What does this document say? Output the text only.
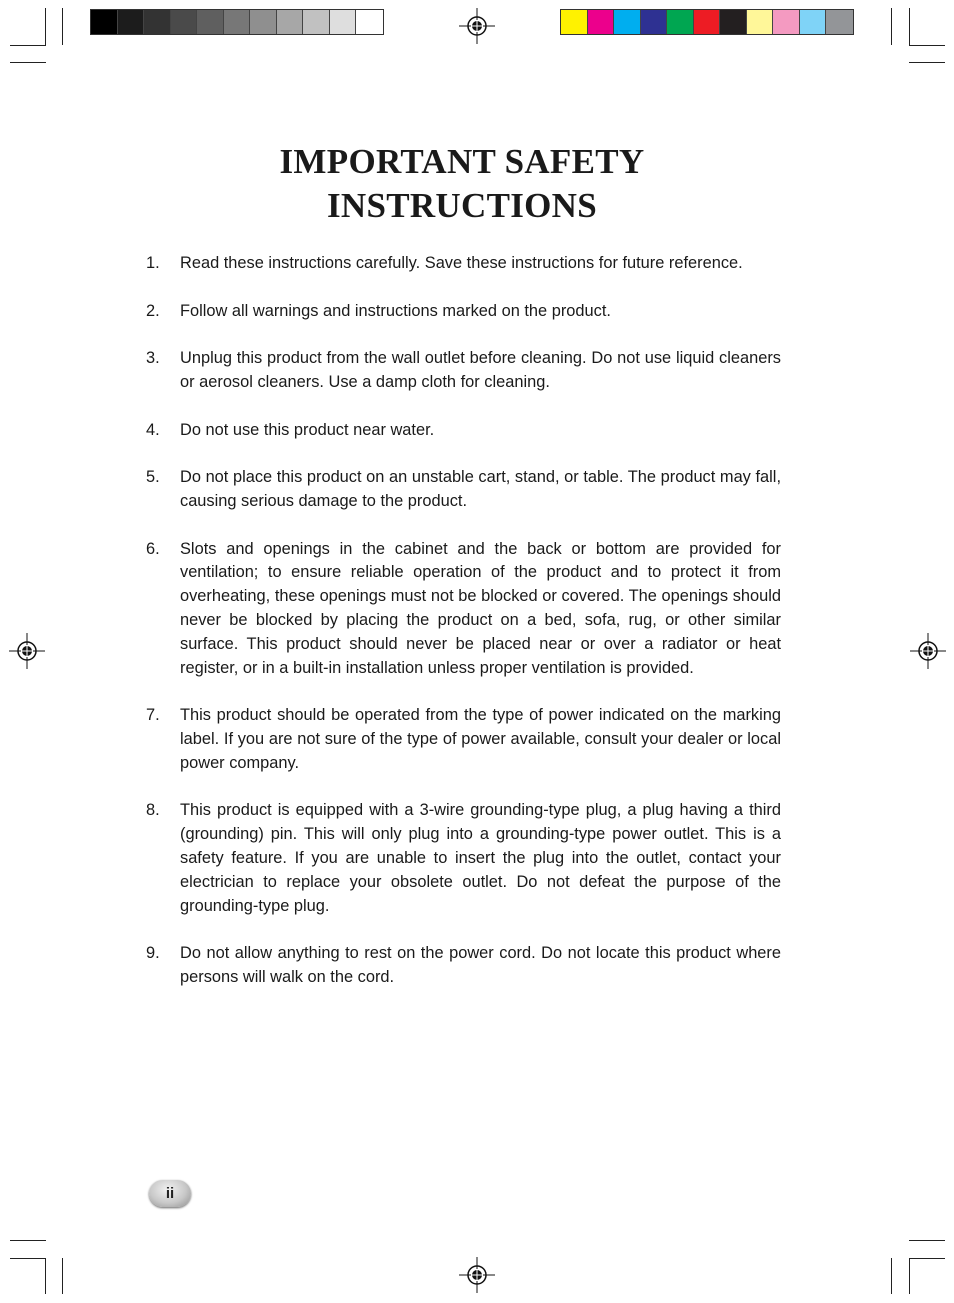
IMPORTANT SAFETY
INSTRUCTIONS
1.	Read these instructions carefully. Save these instructions for future reference.
2.	Follow all warnings and instructions marked on the product.
3.	Unplug this product from the wall outlet before cleaning. Do not use liquid cleaners or aerosol cleaners. Use a damp cloth for cleaning.
4.	Do not use this product near water.
5.	Do not place this product on an unstable cart, stand, or table. The product may fall, causing serious damage to the product.
6.	Slots and openings in the cabinet and the back or bottom are provided for ventilation; to ensure reliable operation of the product and to protect it from overheating, these openings must not be blocked or covered. The openings should never be blocked by placing the product on a bed, sofa, rug, or other similar surface. This product should never be placed near or over a radiator or heat register, or in a built-in installation unless proper ventilation is provided.
7.	This product should be operated from the type of power indicated on the marking label. If you are not sure of the type of power available, consult your dealer or local power company.
8.	This product is equipped with a 3-wire grounding-type plug, a plug having a third (grounding) pin. This will only plug into a grounding-type power outlet. This is a safety feature. If you are unable to insert the plug into the outlet, contact your electrician to replace your obsolete outlet. Do not defeat the purpose of the grounding-type plug.
9.	Do not allow anything to rest on the power cord. Do not locate this product where persons will walk on the cord.
ii
